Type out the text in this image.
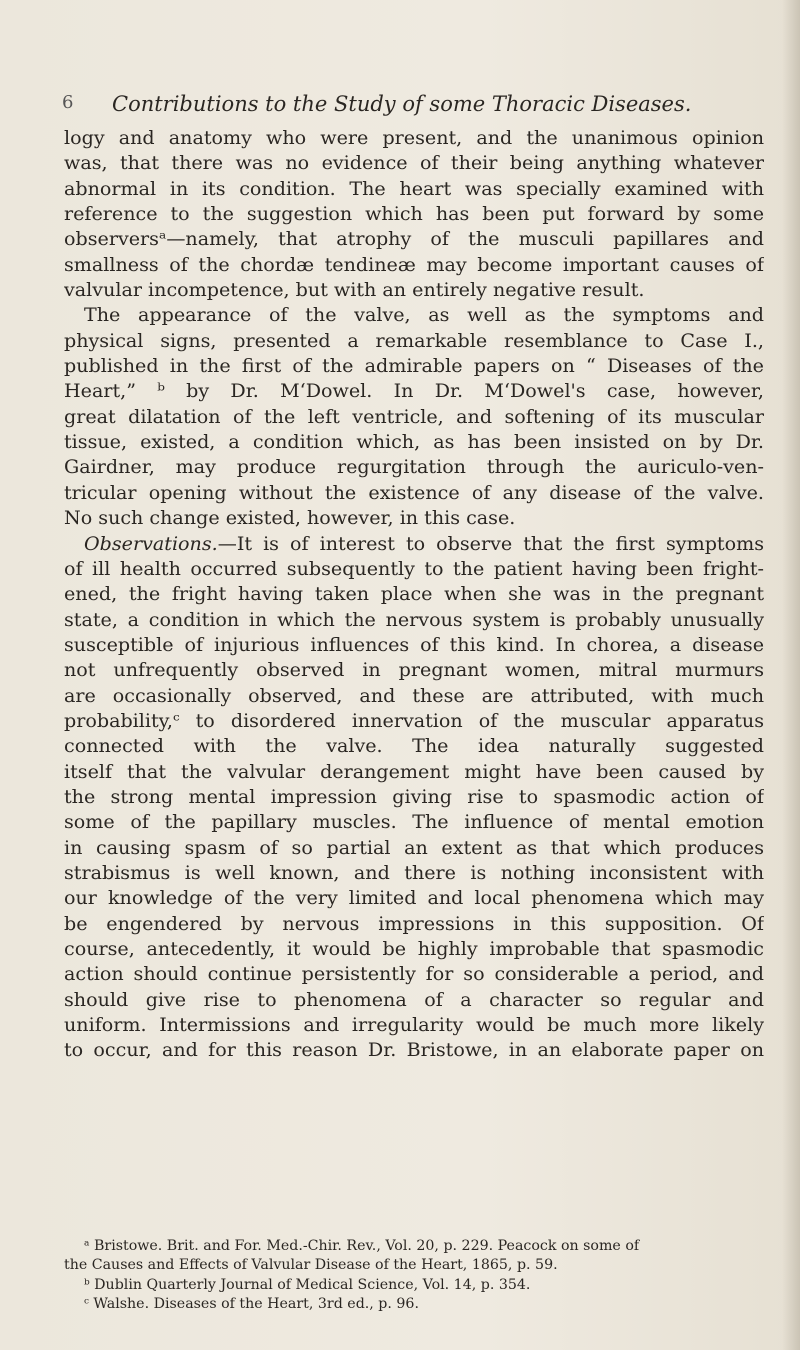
6 Contributions to the Study of some Thoracic Diseases.
logy and anatomy who were present, and the unanimous opinion
was, that there was no evidence of their being anything whatever
abnormal in its condition. The heart was specially examined with
reference to the suggestion which has been put forward by some
observersᵃ—namely, that atrophy of the musculi papillares and
smallness of the chordæ tendineæ may become important causes of
valvular incompetence, but with an entirely negative result.
The appearance of the valve, as well as the symptoms and
physical signs, presented a remarkable resemblance to Case I.,
published in the first of the admirable papers on “ Diseases of the
Heart,” ᵇ by Dr. M‘Dowel. In Dr. M‘Dowel's case, however,
great dilatation of the left ventricle, and softening of its muscular
tissue, existed, a condition which, as has been insisted on by Dr.
Gairdner, may produce regurgitation through the auriculo-ven-
tricular opening without the existence of any disease of the valve.
No such change existed, however, in this case.
Observations.—It is of interest to observe that the first symptoms
of ill health occurred subsequently to the patient having been fright-
ened, the fright having taken place when she was in the pregnant
state, a condition in which the nervous system is probably unusually
susceptible of injurious influences of this kind. In chorea, a disease
not unfrequently observed in pregnant women, mitral murmurs
are occasionally observed, and these are attributed, with much
probability,ᶜ to disordered innervation of the muscular apparatus
connected with the valve. The idea naturally suggested
itself that the valvular derangement might have been caused by
the strong mental impression giving rise to spasmodic action of
some of the papillary muscles. The influence of mental emotion
in causing spasm of so partial an extent as that which produces
strabismus is well known, and there is nothing inconsistent with
our knowledge of the very limited and local phenomena which may
be engendered by nervous impressions in this supposition. Of
course, antecedently, it would be highly improbable that spasmodic
action should continue persistently for so considerable a period, and
should give rise to phenomena of a character so regular and
uniform. Intermissions and irregularity would be much more likely
to occur, and for this reason Dr. Bristowe, in an elaborate paper on
ᵃ Bristowe. Brit. and For. Med.-Chir. Rev., Vol. 20, p. 229. Peacock on some of
the Causes and Effects of Valvular Disease of the Heart, 1865, p. 59.
ᵇ Dublin Quarterly Journal of Medical Science, Vol. 14, p. 354.
ᶜ Walshe. Diseases of the Heart, 3rd ed., p. 96.
